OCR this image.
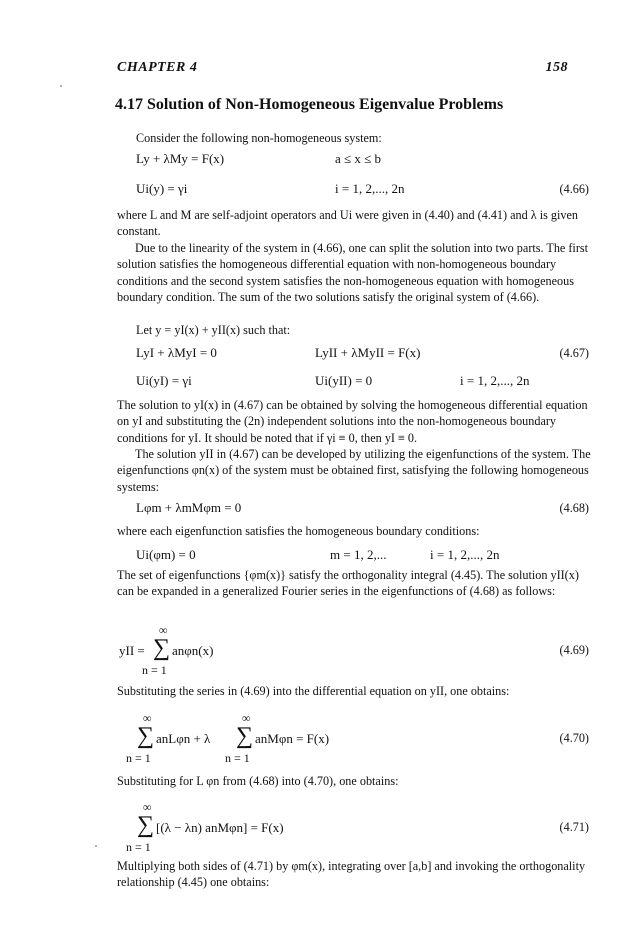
CHAPTER 4	158
4.17 Solution of Non-Homogeneous Eigenvalue Problems
Consider the following non-homogeneous system:
Ly + λMy = F(x)	a ≤ x ≤ b
Ui(y) = γi	i = 1, 2,..., 2n	(4.66)
where L and M are self-adjoint operators and Ui were given in (4.40) and (4.41) and λ is given constant.
Due to the linearity of the system in (4.66), one can split the solution into two parts. The first solution satisfies the homogeneous differential equation with non-homogeneous boundary conditions and the second system satisfies the non-homogeneous equation with homogeneous boundary condition. The sum of the two solutions satisfy the original system of (4.66).
Let y = yI(x) + yII(x) such that:
LyI + λMyI = 0	LyII + λMyII = F(x)	(4.67)
Ui(yI) = γi	Ui(yII) = 0	i = 1, 2,..., 2n
The solution to yI(x) in (4.67) can be obtained by solving the homogeneous differential equation on yI and substituting the (2n) independent solutions into the non-homogeneous boundary conditions for yI. It should be noted that if γi ≡ 0, then yI ≡ 0.
The solution yII in (4.67) can be developed by utilizing the eigenfunctions of the system. The eigenfunctions φn(x) of the system must be obtained first, satisfying the following homogeneous systems:
Lφm + λmMφm = 0	(4.68)
where each eigenfunction satisfies the homogeneous boundary conditions:
Ui(φm) = 0	m = 1, 2,...	i = 1, 2,..., 2n
The set of eigenfunctions {φm(x)} satisfy the orthogonality integral (4.45). The solution yII(x) can be expanded in a generalized Fourier series in the eigenfunctions of (4.68) as follows:
∞
yII = ∑ anφn(x)	(4.69)
n = 1
Substituting the series in (4.69) into the differential equation on yII, one obtains:
∞	∞
∑ anLφn + λ ∑ anMφn = F(x)	(4.70)
n = 1	n = 1
Substituting for L φn from (4.68) into (4.70), one obtains:
∞
∑ [(λ − λn) anMφn] = F(x)	(4.71)
n = 1
Multiplying both sides of (4.71) by φm(x), integrating over [a,b] and invoking the orthogonality relationship (4.45) one obtains:
